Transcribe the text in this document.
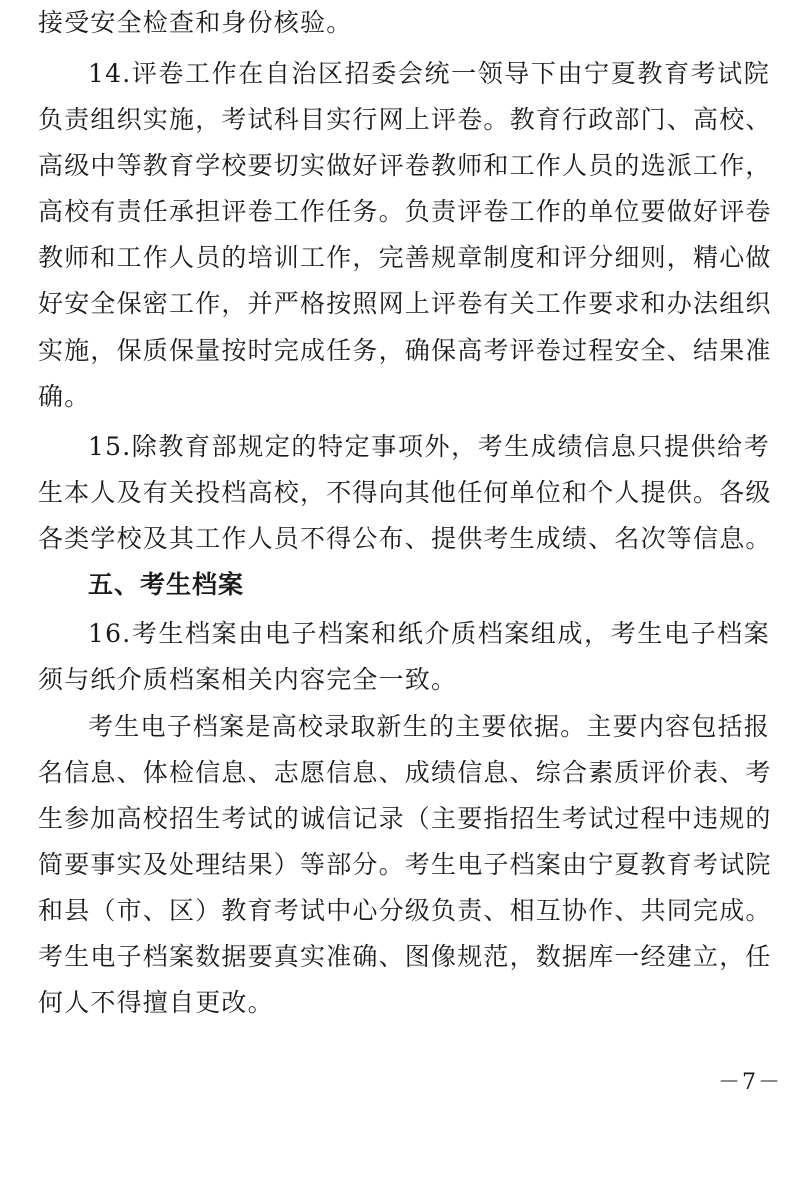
接受安全检查和身份核验。
14.评卷工作在自治区招委会统一领导下由宁夏教育考试院
负责组织实施，考试科目实行网上评卷。教育行政部门、高校、
高级中等教育学校要切实做好评卷教师和工作人员的选派工作，
高校有责任承担评卷工作任务。负责评卷工作的单位要做好评卷
教师和工作人员的培训工作，完善规章制度和评分细则，精心做
好安全保密工作，并严格按照网上评卷有关工作要求和办法组织
实施，保质保量按时完成任务，确保高考评卷过程安全、结果准
确。
15.除教育部规定的特定事项外，考生成绩信息只提供给考
生本人及有关投档高校，不得向其他任何单位和个人提供。各级
各类学校及其工作人员不得公布、提供考生成绩、名次等信息。
五、考生档案
16.考生档案由电子档案和纸介质档案组成，考生电子档案
须与纸介质档案相关内容完全一致。
考生电子档案是高校录取新生的主要依据。主要内容包括报
名信息、体检信息、志愿信息、成绩信息、综合素质评价表、考
生参加高校招生考试的诚信记录（主要指招生考试过程中违规的
简要事实及处理结果）等部分。考生电子档案由宁夏教育考试院
和县（市、区）教育考试中心分级负责、相互协作、共同完成。
考生电子档案数据要真实准确、图像规范，数据库一经建立，任
何人不得擅自更改。
－7－
